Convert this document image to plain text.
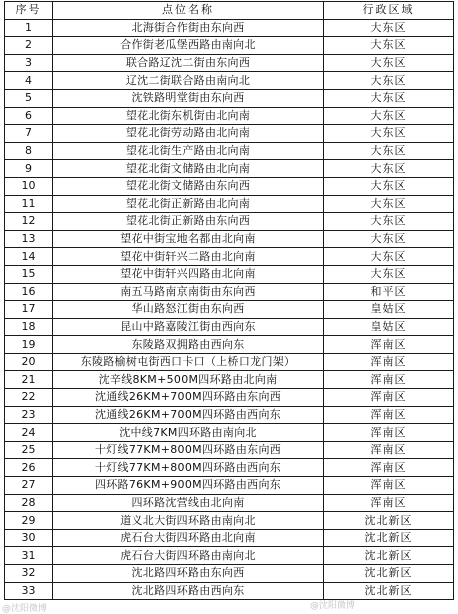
序号	点位名称	行政区域
1	北海街合作街由东向西	大东区
2	合作街老瓜堡西路由南向北	大东区
3	联合路辽沈二街由东向西	大东区
4	辽沈二街联合路由南向北	大东区
5	沈铁路明堂街由东向西	大东区
6	望花北街东机街由北向南	大东区
7	望花北街劳动路由北向南	大东区
8	望花北街生产路由北向南	大东区
9	望花北街文储路由北向南	大东区
10	望花北街文储路由东向西	大东区
11	望花北街正新路由北向南	大东区
12	望花北街正新路由东向西	大东区
13	望花中街宝地名都由北向南	大东区
14	望花中街轩兴二路由北向南	大东区
15	望花中街轩兴四路由北向南	大东区
16	南五马路南京南街由东向西	和平区
17	华山路怒江街由东向西	皇姑区
18	昆山中路嘉陵江街由西向东	皇姑区
19	东陵路双拥路由西向东	浑南区
20	东陵路榆树屯街西口卡口（上桥口龙门架）	浑南区
21	沈辛线8KM+500M四环路由北向南	浑南区
22	沈通线26KM+700M四环路由东向西	浑南区
23	沈通线26KM+700M四环路由西向东	浑南区
24	沈中线7KM四环路由南向北	浑南区
25	十灯线77KM+800M四环路由东向西	浑南区
26	十灯线77KM+800M四环路由西向东	浑南区
27	四环路76KM+900M四环路由西向东	浑南区
28	四环路沈营线由北向南	浑南区
29	道义北大街四环路由南向北	沈北新区
30	虎石台大街四环路由北向南	沈北新区
31	虎石台大街四环路由南向北	沈北新区
32	沈北路四环路由东向西	沈北新区
33	沈北路四环路由西向东	沈北新区
@沈阳微博	@沈阳微博
